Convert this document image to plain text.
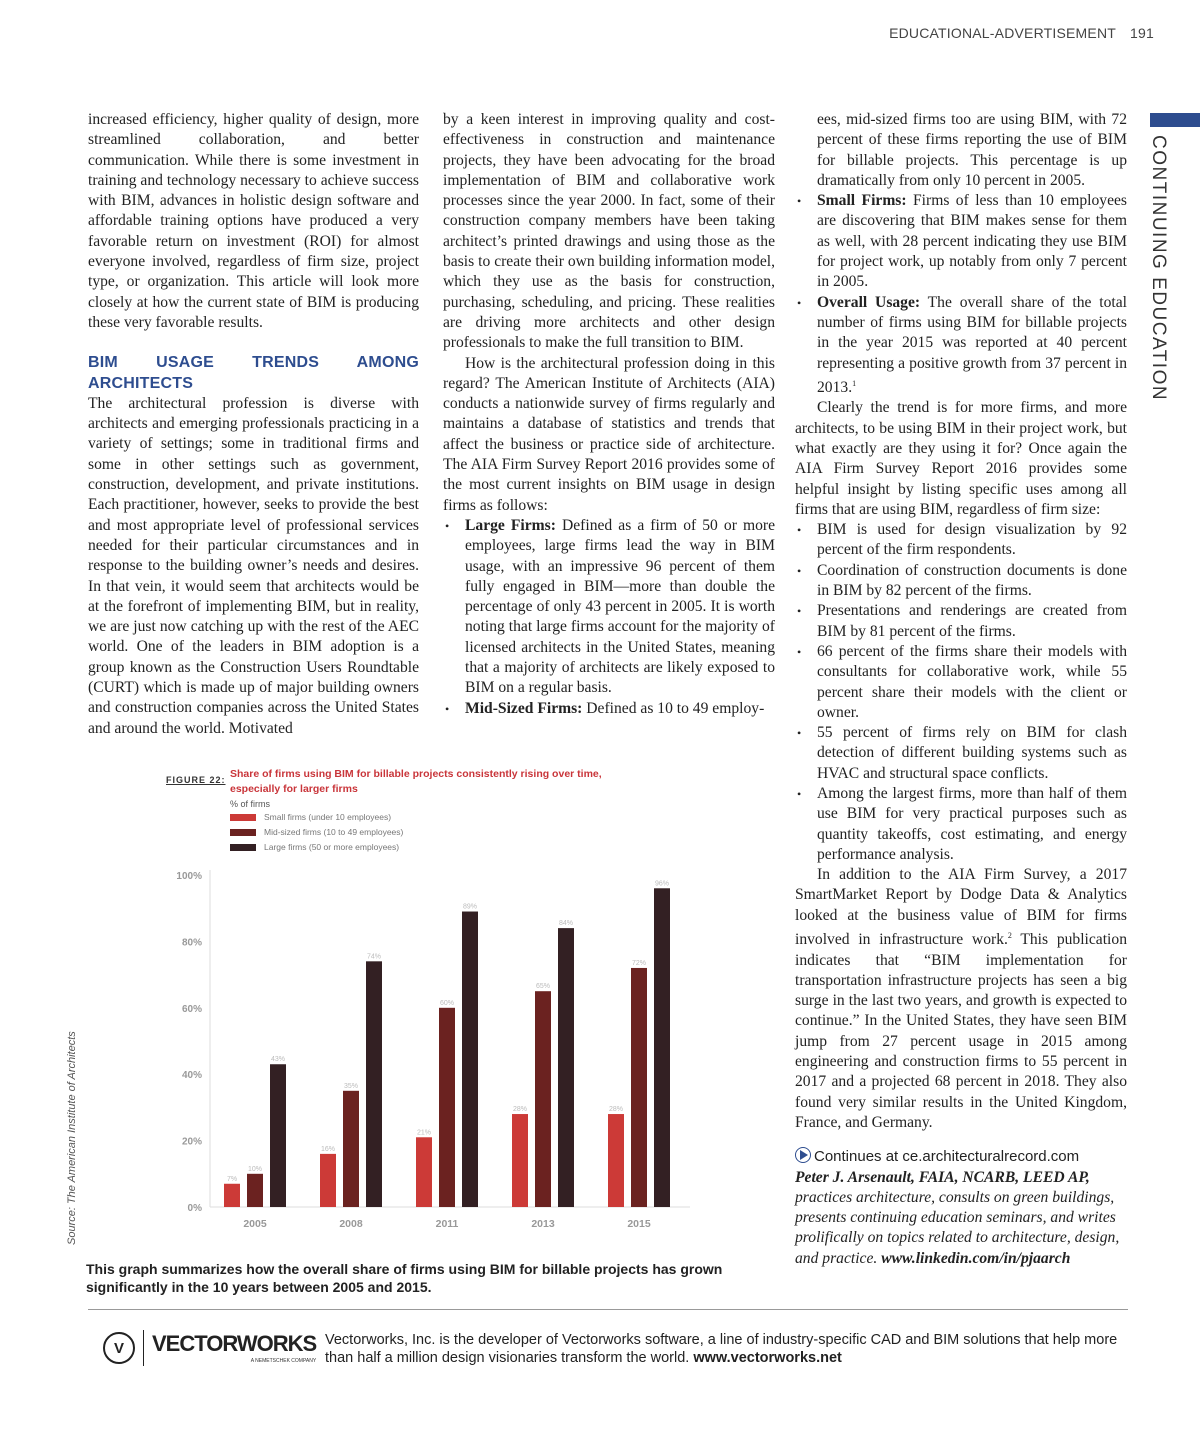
EDUCATIONAL-ADVERTISEMENT 191
CONTINUING EDUCATION
Source: The American Institute of Architects

increased efficiency, higher quality of design, more streamlined collaboration, and better communication. While there is some investment in training and technology necessary to achieve success with BIM, advances in holistic design software and affordable training options have produced a very favorable return on investment (ROI) for almost everyone involved, regardless of firm size, project type, or organization. This article will look more closely at how the current state of BIM is producing these very favorable results.

BIM USAGE TRENDS AMONG ARCHITECTS

The architectural profession is diverse with architects and emerging professionals practicing in a variety of settings; some in traditional firms and some in other settings such as government, construction, development, and private institutions. Each practitioner, however, seeks to provide the best and most appropriate level of professional services needed for their particular circumstances and in response to the building owner’s needs and desires. In that vein, it would seem that architects would be at the forefront of implementing BIM, but in reality, we are just now catching up with the rest of the AEC world. One of the leaders in BIM adoption is a group known as the Construction Users Roundtable (CURT) which is made up of major building owners and construction companies across the United States and around the world. Motivated

by a keen interest in improving quality and cost-effectiveness in construction and maintenance projects, they have been advocating for the broad implementation of BIM and collaborative work processes since the year 2000. In fact, some of their construction company members have been taking architect’s printed drawings and using those as the basis to create their own building information model, which they use as the basis for construction, purchasing, scheduling, and pricing. These realities are driving more architects and other design professionals to make the full transition to BIM.

How is the architectural profession doing in this regard? The American Institute of Architects (AIA) conducts a nationwide survey of firms regularly and maintains a database of statistics and trends that affect the business or practice side of architecture. The AIA Firm Survey Report 2016 provides some of the most current insights on BIM usage in design firms as follows:

• Large Firms: Defined as a firm of 50 or more employees, large firms lead the way in BIM usage, with an impressive 96 percent of them fully engaged in BIM—more than double the percentage of only 43 percent in 2005. It is worth noting that large firms account for the majority of licensed architects in the United States, meaning that a majority of architects are likely exposed to BIM on a regular basis.
• Mid-Sized Firms: Defined as 10 to 49 employ-
ees, mid-sized firms too are using BIM, with 72 percent of these firms reporting the use of BIM for billable projects. This percentage is up dramatically from only 10 percent in 2005.
• Small Firms: Firms of less than 10 employees are discovering that BIM makes sense for them as well, with 28 percent indicating they use BIM for project work, up notably from only 7 percent in 2005.
• Overall Usage: The overall share of the total number of firms using BIM for billable projects in the year 2015 was reported at 40 percent representing a positive growth from 37 percent in 2013.$^1$

Clearly the trend is for more firms, and more architects, to be using BIM in their project work, but what exactly are they using it for? Once again the AIA Firm Survey Report 2016 provides some helpful insight by listing specific uses among all firms that are using BIM, regardless of firm size:

• BIM is used for design visualization by 92 percent of the firm respondents.
• Coordination of construction documents is done in BIM by 82 percent of the firms.
• Presentations and renderings are created from BIM by 81 percent of the firms.
• 66 percent of the firms share their models with consultants for collaborative work, while 55 percent share their models with the client or owner.
• 55 percent of firms rely on BIM for clash detection of different building systems such as HVAC and structural space conflicts.
• Among the largest firms, more than half of them use BIM for very practical purposes such as quantity takeoffs, cost estimating, and energy performance analysis.

In addition to the AIA Firm Survey, a 2017 SmartMarket Report by Dodge Data & Analytics looked at the business value of BIM for firms involved in infrastructure work.$^2$ This publication indicates that “BIM implementation for transportation infrastructure projects has seen a big surge in the last two years, and growth is expected to continue.” In the United States, they have seen BIM jump from 27 percent usage in 2015 among engineering and construction firms to 55 percent in 2017 and a projected 68 percent in 2018. They also found very similar results in the United Kingdom, France, and Germany.

Continues at ce.architecturalrecord.com

Peter J. Arsenault, FAIA, NCARB, LEED AP, practices architecture, consults on green buildings, presents continuing education seminars, and writes prolifically on topics related to architecture, design, and practice. www.linkedin.com/in/pjaarch

FIGURE 22: Share of firms using BIM for billable projects consistently rising over time, especially for larger firms
% of firms
Small firms (under 10 employees)
Mid-sized firms (10 to 49 employees)
Large firms (50 or more employees)
0%
20%
40%
60%
80%
100%
2005
7%
10%
43%
2008
16%
35%
74%
2011
21%
60%
89%
2013
28%
65%
84%
2015
28%
72%
96%
This graph summarizes how the overall share of firms using BIM for billable projects has grown significantly in the 10 years between 2005 and 2015.
V	VECTORWORKS
A NEMETSCHEK COMPANY
Vectorworks, Inc. is the developer of Vectorworks software, a line of industry-specific CAD and BIM solutions that help more than half a million design visionaries transform the world. www.vectorworks.net
